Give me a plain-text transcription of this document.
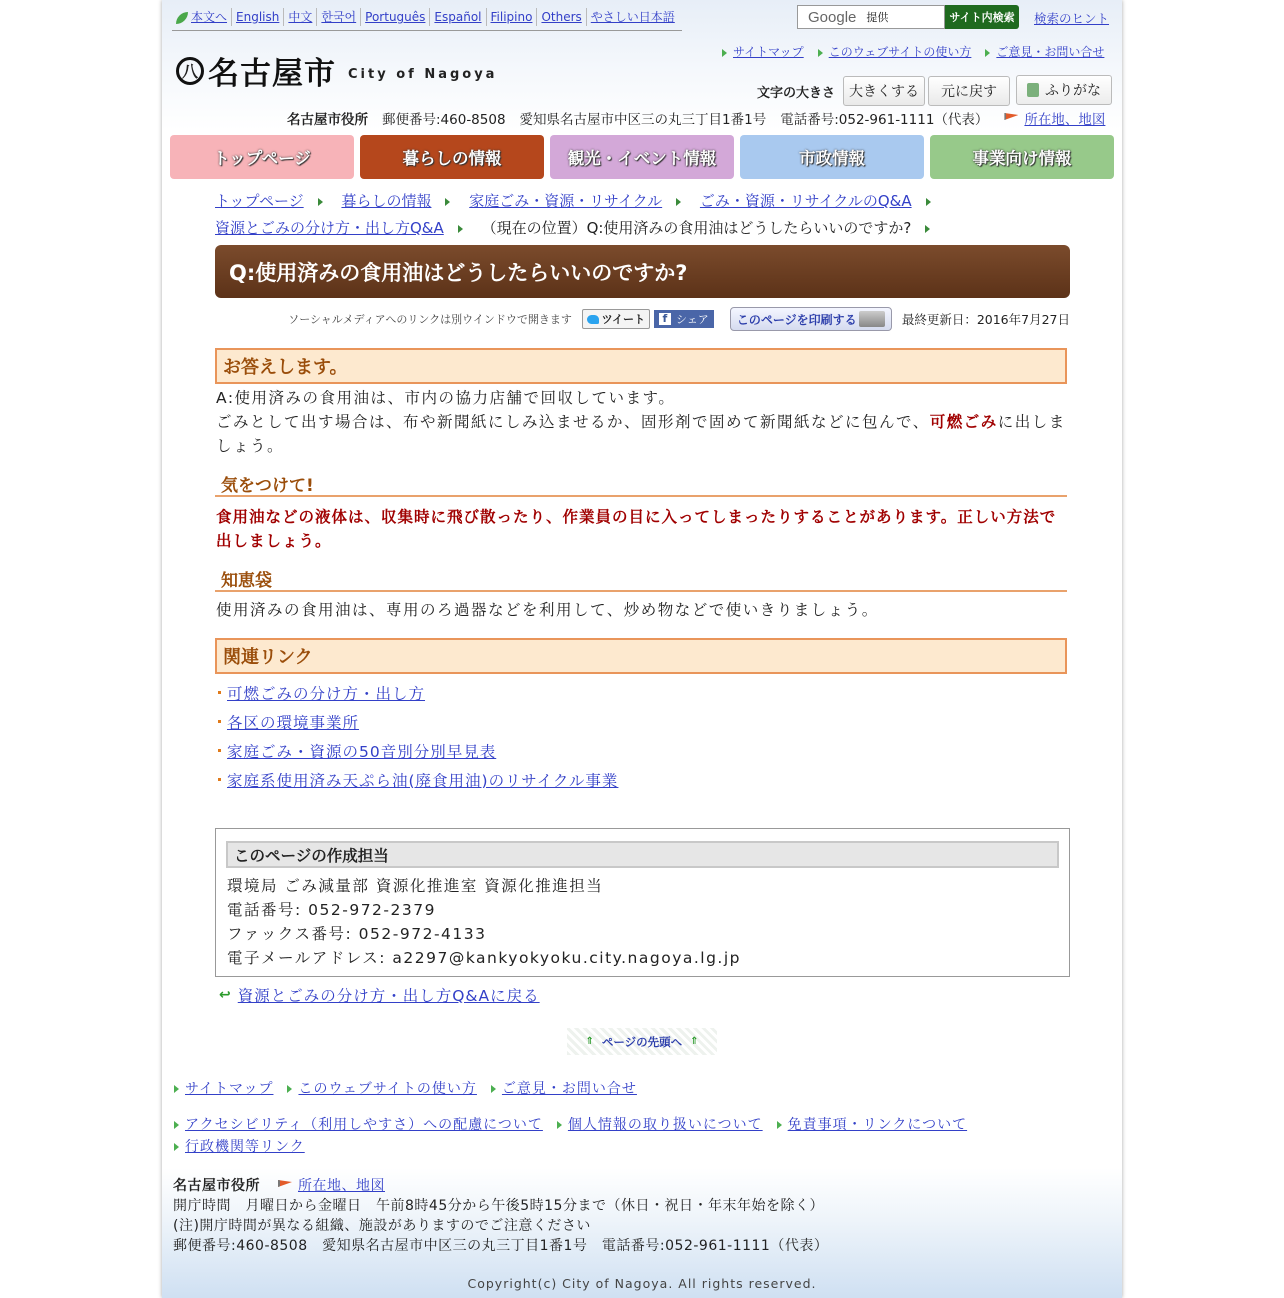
本文へ English 中文 한국어 Português Español Filipino Others やさしい日本語	Google 提供	サイト内検索	検索のヒント
サイトマップ	このウェブサイトの使い方	ご意見・お問い合せ
八 名古屋市 City of Nagoya
文字の大きさ	大きくする	元に戻す	ふりがな
名古屋市役所 郵便番号:460-8508 愛知県名古屋市中区三の丸三丁目1番1号 電話番号:052-961-1111（代表）	所在地、地図
トップページ	暮らしの情報	観光・イベント情報	市政情報	事業向け情報
トップページ	暮らしの情報	家庭ごみ・資源・リサイクル	ごみ・資源・リサイクルのQ&A
資源とごみの分け方・出し方Q&A	（現在の位置）Q:使用済みの食用油はどうしたらいいのですか?
Q:使用済みの食用油はどうしたらいいのですか?
ソーシャルメディアへのリンクは別ウインドウで開きます	ツイート	f シェア このページを印刷する	最終更新日：2016年7月27日
お答えします。
A:使用済みの食用油は、市内の協力店舗で回収しています。
ごみとして出す場合は、布や新聞紙にしみ込ませるか、固形剤で固めて新聞紙などに包んで、可燃ごみに出しましょう。
気をつけて!
食用油などの液体は、収集時に飛び散ったり、作業員の目に入ってしまったりすることがあります。正しい方法で出しましょう。
知恵袋
使用済みの食用油は、専用のろ過器などを利用して、炒め物などで使いきりましょう。
関連リンク
可燃ごみの分け方・出し方
各区の環境事業所
家庭ごみ・資源の50音別分別早見表
家庭系使用済み天ぷら油(廃食用油)のリサイクル事業
このページの作成担当
環境局 ごみ減量部 資源化推進室 資源化推進担当
電話番号: 052-972-2379
ファックス番号: 052-972-4133
電子メールアドレス: a2297@kankyokyoku.city.nagoya.lg.jp
↩ 資源とごみの分け方・出し方Q&Aに戻る
⇑ ページの先頭へ ⇑
サイトマップ	このウェブサイトの使い方	ご意見・お問い合せ
アクセシビリティ（利用しやすさ）への配慮について	個人情報の取り扱いについて	免責事項・リンクについて
行政機関等リンク
名古屋市役所	所在地、地図
開庁時間　月曜日から金曜日　午前8時45分から午後5時15分まで（休日・祝日・年末年始を除く）
(注)開庁時間が異なる組織、施設がありますのでご注意ください
郵便番号:460-8508　愛知県名古屋市中区三の丸三丁目1番1号　電話番号:052-961-1111（代表）
Copyright(c) City of Nagoya. All rights reserved.
